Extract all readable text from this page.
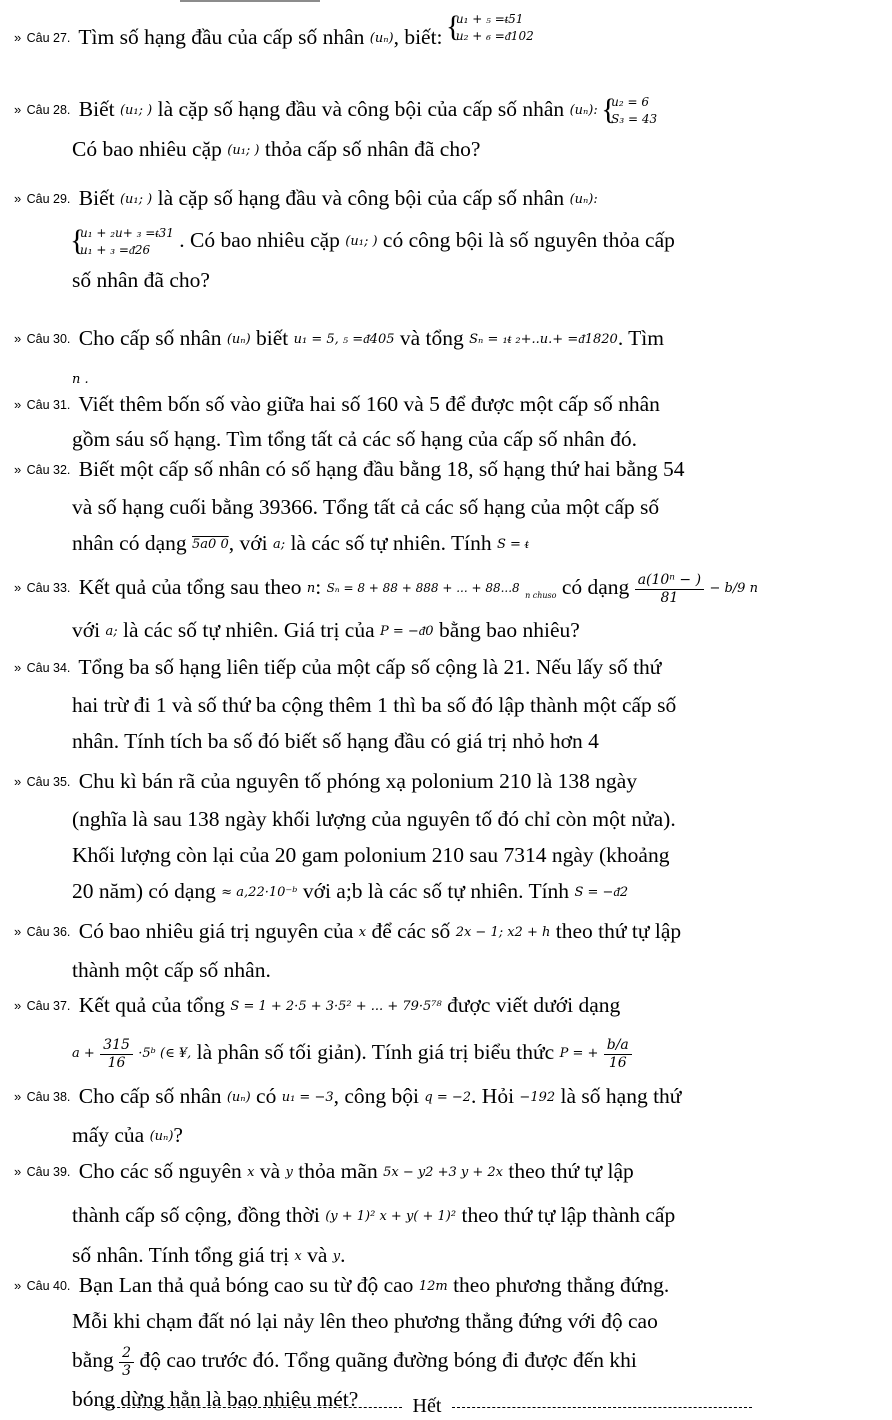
» Câu 27. Tìm số hạng đầu của cấp số nhân (uₙ), biết:
{ u₁ + ₅ =ᵵ51
u₂ + ₆ =ᵭ102

» Câu 28. Biết (u₁; ) là cặp số hạng đầu và công bội của cấp số nhân (uₙ):
{ u₂ = 6
S₃ = 43

Có bao nhiêu cặp (u₁; ) thỏa cấp số nhân đã cho?

» Câu 29. Biết (u₁; ) là cặp số hạng đầu và công bội của cấp số nhân (uₙ):

{ u₁ + ₂u+ ₃ =ᵵ31
u₁ + ₃ =ᵭ26	. Có bao nhiêu cặp (u₁; ) có công bội là số nguyên thỏa cấp

số nhân đã cho?

» Câu 30. Cho cấp số nhân (uₙ) biết u₁ = 5, ₅ =ᵭ405 và tổng Sₙ = ₁ᵵ ₂+..u.+ =ᵭ1820. Tìm

n .

» Câu 31. Viết thêm bốn số vào giữa hai số 160 và 5 để được một cấp số nhân

gồm sáu số hạng. Tìm tổng tất cả các số hạng của cấp số nhân đó.

» Câu 32. Biết một cấp số nhân có số hạng đầu bằng 18, số hạng thứ hai bằng 54

và số hạng cuối bằng 39366. Tổng tất cả các số hạng của một cấp số

nhân có dạng 5a0 0, với a; là các số tự nhiên. Tính S = ᵵ

» Câu 33. Kết quả của tổng sau theo n: Sₙ = 8 + 88 + 888 + ... + 88...8 n chuso có dạng $\frac{\text{a(10ⁿ − )}}{81} - b/9$ n

với a; là các số tự nhiên. Giá trị của P = −ᵭ0 bằng bao nhiêu?

» Câu 34. Tổng ba số hạng liên tiếp của một cấp số cộng là 21. Nếu lấy số thứ

hai trừ đi 1 và số thứ ba cộng thêm 1 thì ba số đó lập thành một cấp số

nhân. Tính tích ba số đó biết số hạng đầu có giá trị nhỏ hơn 4

» Câu 35. Chu kì bán rã của nguyên tố phóng xạ polonium 210 là 138 ngày

(nghĩa là sau 138 ngày khối lượng của nguyên tố đó chỉ còn một nửa).

Khối lượng còn lại của 20 gam polonium 210 sau 7314 ngày (khoảng

20 năm) có dạng ≈ a,22·10⁻ᵇ với a;b là các số tự nhiên. Tính S = −ᵭ2

» Câu 36. Có bao nhiêu giá trị nguyên của x để các số 2x − 1; x2 + h theo thứ tự lập

thành một cấp số nhân.

» Câu 37. Kết quả của tổng S = 1 + 2·5 + 3·5² + ... + 79·5⁷⁸ được viết dưới dạng

$a + \frac{315}{16}$ ·5ᵇ (∈ ¥, là phân số tối giản). Tính giá trị biểu thức P = + $\frac{b/a}{16}$

» Câu 38. Cho cấp số nhân (uₙ) có u₁ = −3, công bội q = −2. Hỏi −192 là số hạng thứ

mấy của (uₙ)?

» Câu 39. Cho các số nguyên x và y thỏa mãn 5x − y2 +3 y + 2x theo thứ tự lập

thành cấp số cộng, đồng thời (y + 1)² x + y( + 1)² theo thứ tự lập thành cấp

số nhân. Tính tổng giá trị x và y.

» Câu 40. Bạn Lan thả quả bóng cao su từ độ cao 12m theo phương thẳng đứng.

Mỗi khi chạm đất nó lại nảy lên theo phương thẳng đứng với độ cao

bằng $\frac{2}{3}$ độ cao trước đó. Tổng quãng đường bóng đi được đến khi

bóng dừng hẳn là bao nhiêu mét?	Hết
